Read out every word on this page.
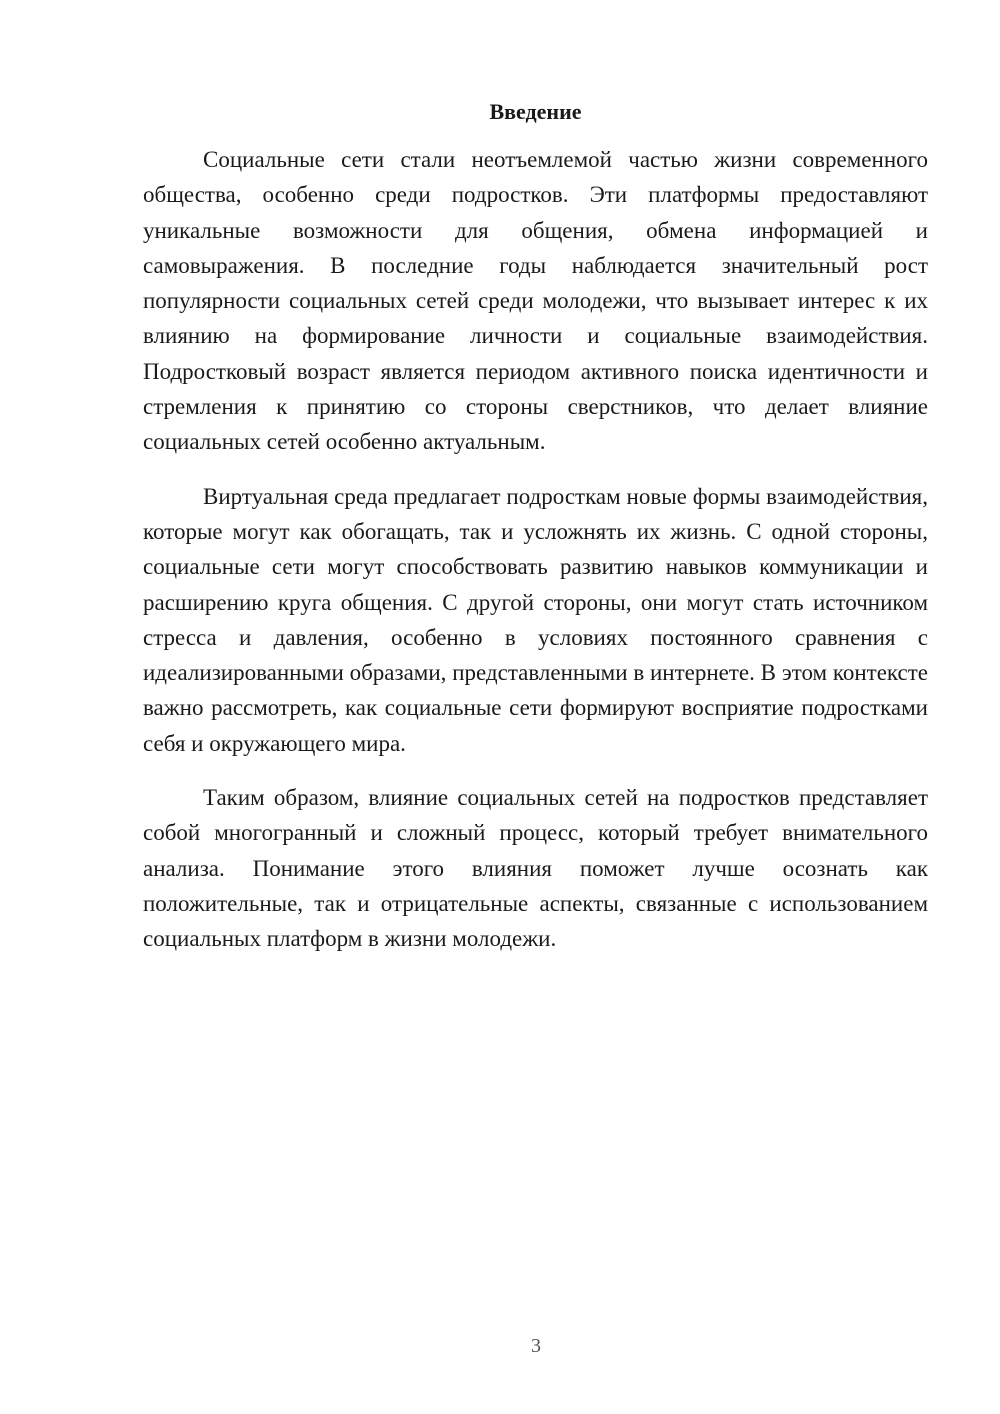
Введение

Социальные сети стали неотъемлемой частью жизни современного общества, особенно среди подростков. Эти платформы предоставляют уникальные возможности для общения, обмена информацией и самовыражения. В последние годы наблюдается значительный рост популярности социальных сетей среди молодежи, что вызывает интерес к их влиянию на формирование личности и социальные взаимодействия. Подростковый возраст является периодом активного поиска идентичности и стремления к принятию со стороны сверстников, что делает влияние социальных сетей особенно актуальным.

Виртуальная среда предлагает подросткам новые формы взаимодействия, которые могут как обогащать, так и усложнять их жизнь. С одной стороны, социальные сети могут способствовать развитию навыков коммуникации и расширению круга общения. С другой стороны, они могут стать источником стресса и давления, особенно в условиях постоянного сравнения с идеализированными образами, представленными в интернете. В этом контексте важно рассмотреть, как социальные сети формируют восприятие подростками себя и окружающего мира.

Таким образом, влияние социальных сетей на подростков представляет собой многогранный и сложный процесс, который требует внимательного анализа. Понимание этого влияния поможет лучше осознать как положительные, так и отрицательные аспекты, связанные с использованием социальных платформ в жизни молодежи.

3
